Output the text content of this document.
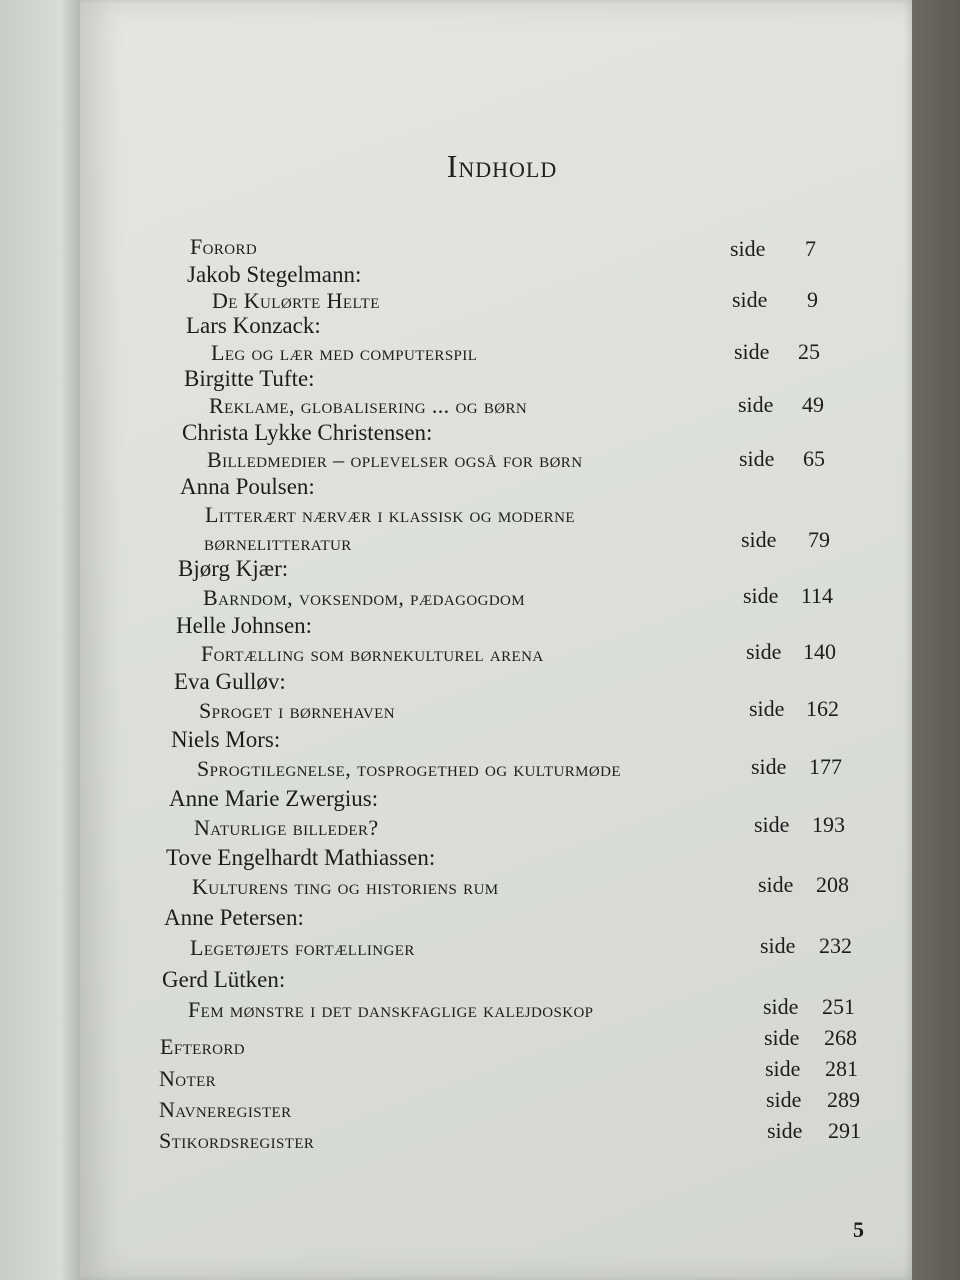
Indhold
Forord	side 7
Jakob Stegelmann:
De Kulørte Helte	side 9
Lars Konzack:
Leg og lær med computerspil	side 25
Birgitte Tufte:
Reklame, globalisering ... og børn	side 49
Christa Lykke Christensen:
Billedmedier – oplevelser også for børn	side 65
Anna Poulsen:
Litterært nærvær i klassisk og moderne
børnelitteratur	side 79
Bjørg Kjær:
Barndom, voksendom, pædagogdom	side 114
Helle Johnsen:
Fortælling som børnekulturel arena	side 140
Eva Gulløv:
Sproget i børnehaven	side 162
Niels Mors:
Sprogtilegnelse, tosprogethed og kulturmøde	side 177
Anne Marie Zwergius:
Naturlige billeder?	side 193
Tove Engelhardt Mathiassen:
Kulturens ting og historiens rum	side 208
Anne Petersen:
Legetøjets fortællinger	side 232
Gerd Lütken:
Fem mønstre i det danskfaglige kalejdoskop	side 251
Efterord	side 268
Noter	side 281
Navneregister	side 289
Stikordsregister	side 291
5
